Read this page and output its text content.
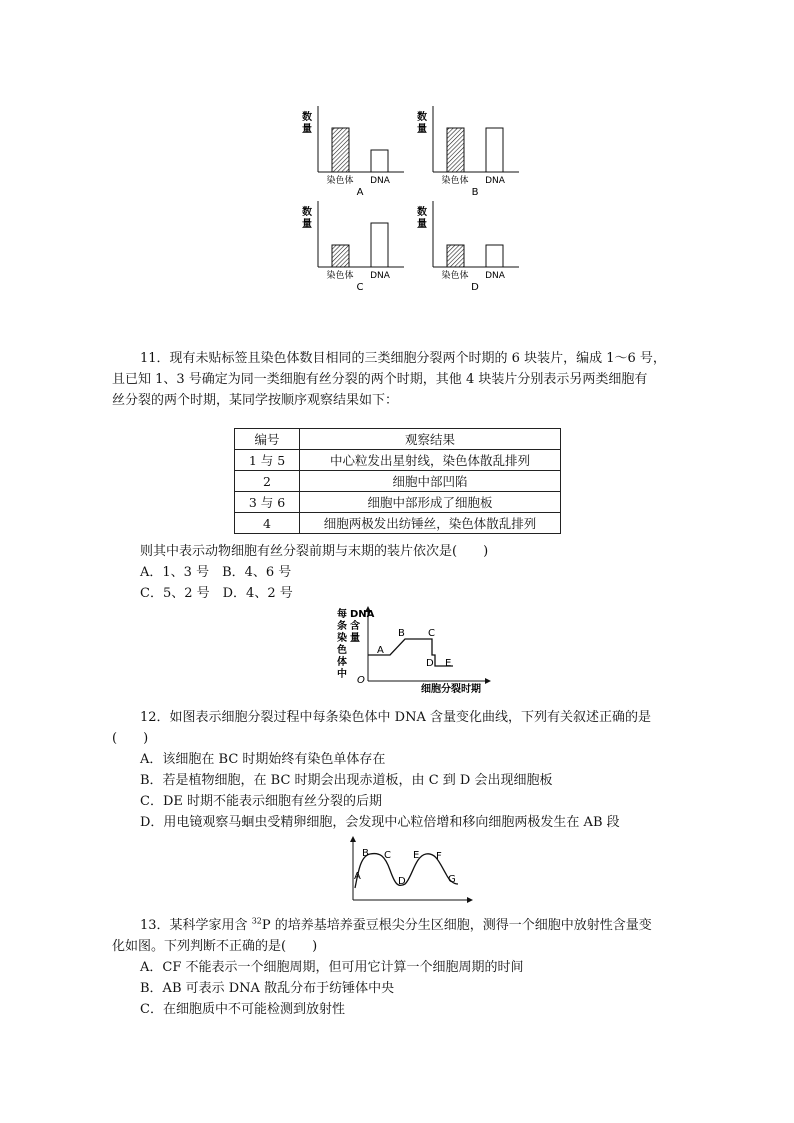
数
量
染色体 DNA
A
数
量
染色体 DNA
B
数
量
染色体 DNA
C
数
量
染色体 DNA
D
11．现有未贴标签且染色体数目相同的三类细胞分裂两个时期的 6 块装片，编成 1～6 号，
且已知 1、3 号确定为同一类细胞有丝分裂的两个时期，其他 4 块装片分别表示另两类细胞有
丝分裂的两个时期，某同学按顺序观察结果如下：
编号	观察结果
1 与 5	中心粒发出星射线，染色体散乱排列
2	细胞中部凹陷
3 与 6	细胞中部形成了细胞板
4	细胞两极发出纺锤丝，染色体散乱排列
则其中表示动物细胞有丝分裂前期与末期的装片依次是(　　)
A．1、3 号　B．4、6 号
C．5、2 号　D．4、2 号
每
条
染
色
体
中
DNA
含
量
O
A
B C
D E
细胞分裂时期
12．如图表示细胞分裂过程中每条染色体中 DNA 含量变化曲线，下列有关叙述正确的是
(　　)
A．该细胞在 BC 时期始终有染色单体存在
B．若是植物细胞，在 BC 时期会出现赤道板，由 C 到 D 会出现细胞板
C．DE 时期不能表示细胞有丝分裂的后期
D．用电镜观察马蛔虫受精卵细胞，会发现中心粒倍增和移向细胞两极发生在 AB 段
A
B C
D
E F
G
13．某科学家用含 $^{32}$P 的培养基培养蚕豆根尖分生区细胞，测得一个细胞中放射性含量变
化如图。下列判断不正确的是(　　)
A．CF 不能表示一个细胞周期，但可用它计算一个细胞周期的时间
B．AB 可表示 DNA 散乱分布于纺锤体中央
C．在细胞质中不可能检测到放射性
